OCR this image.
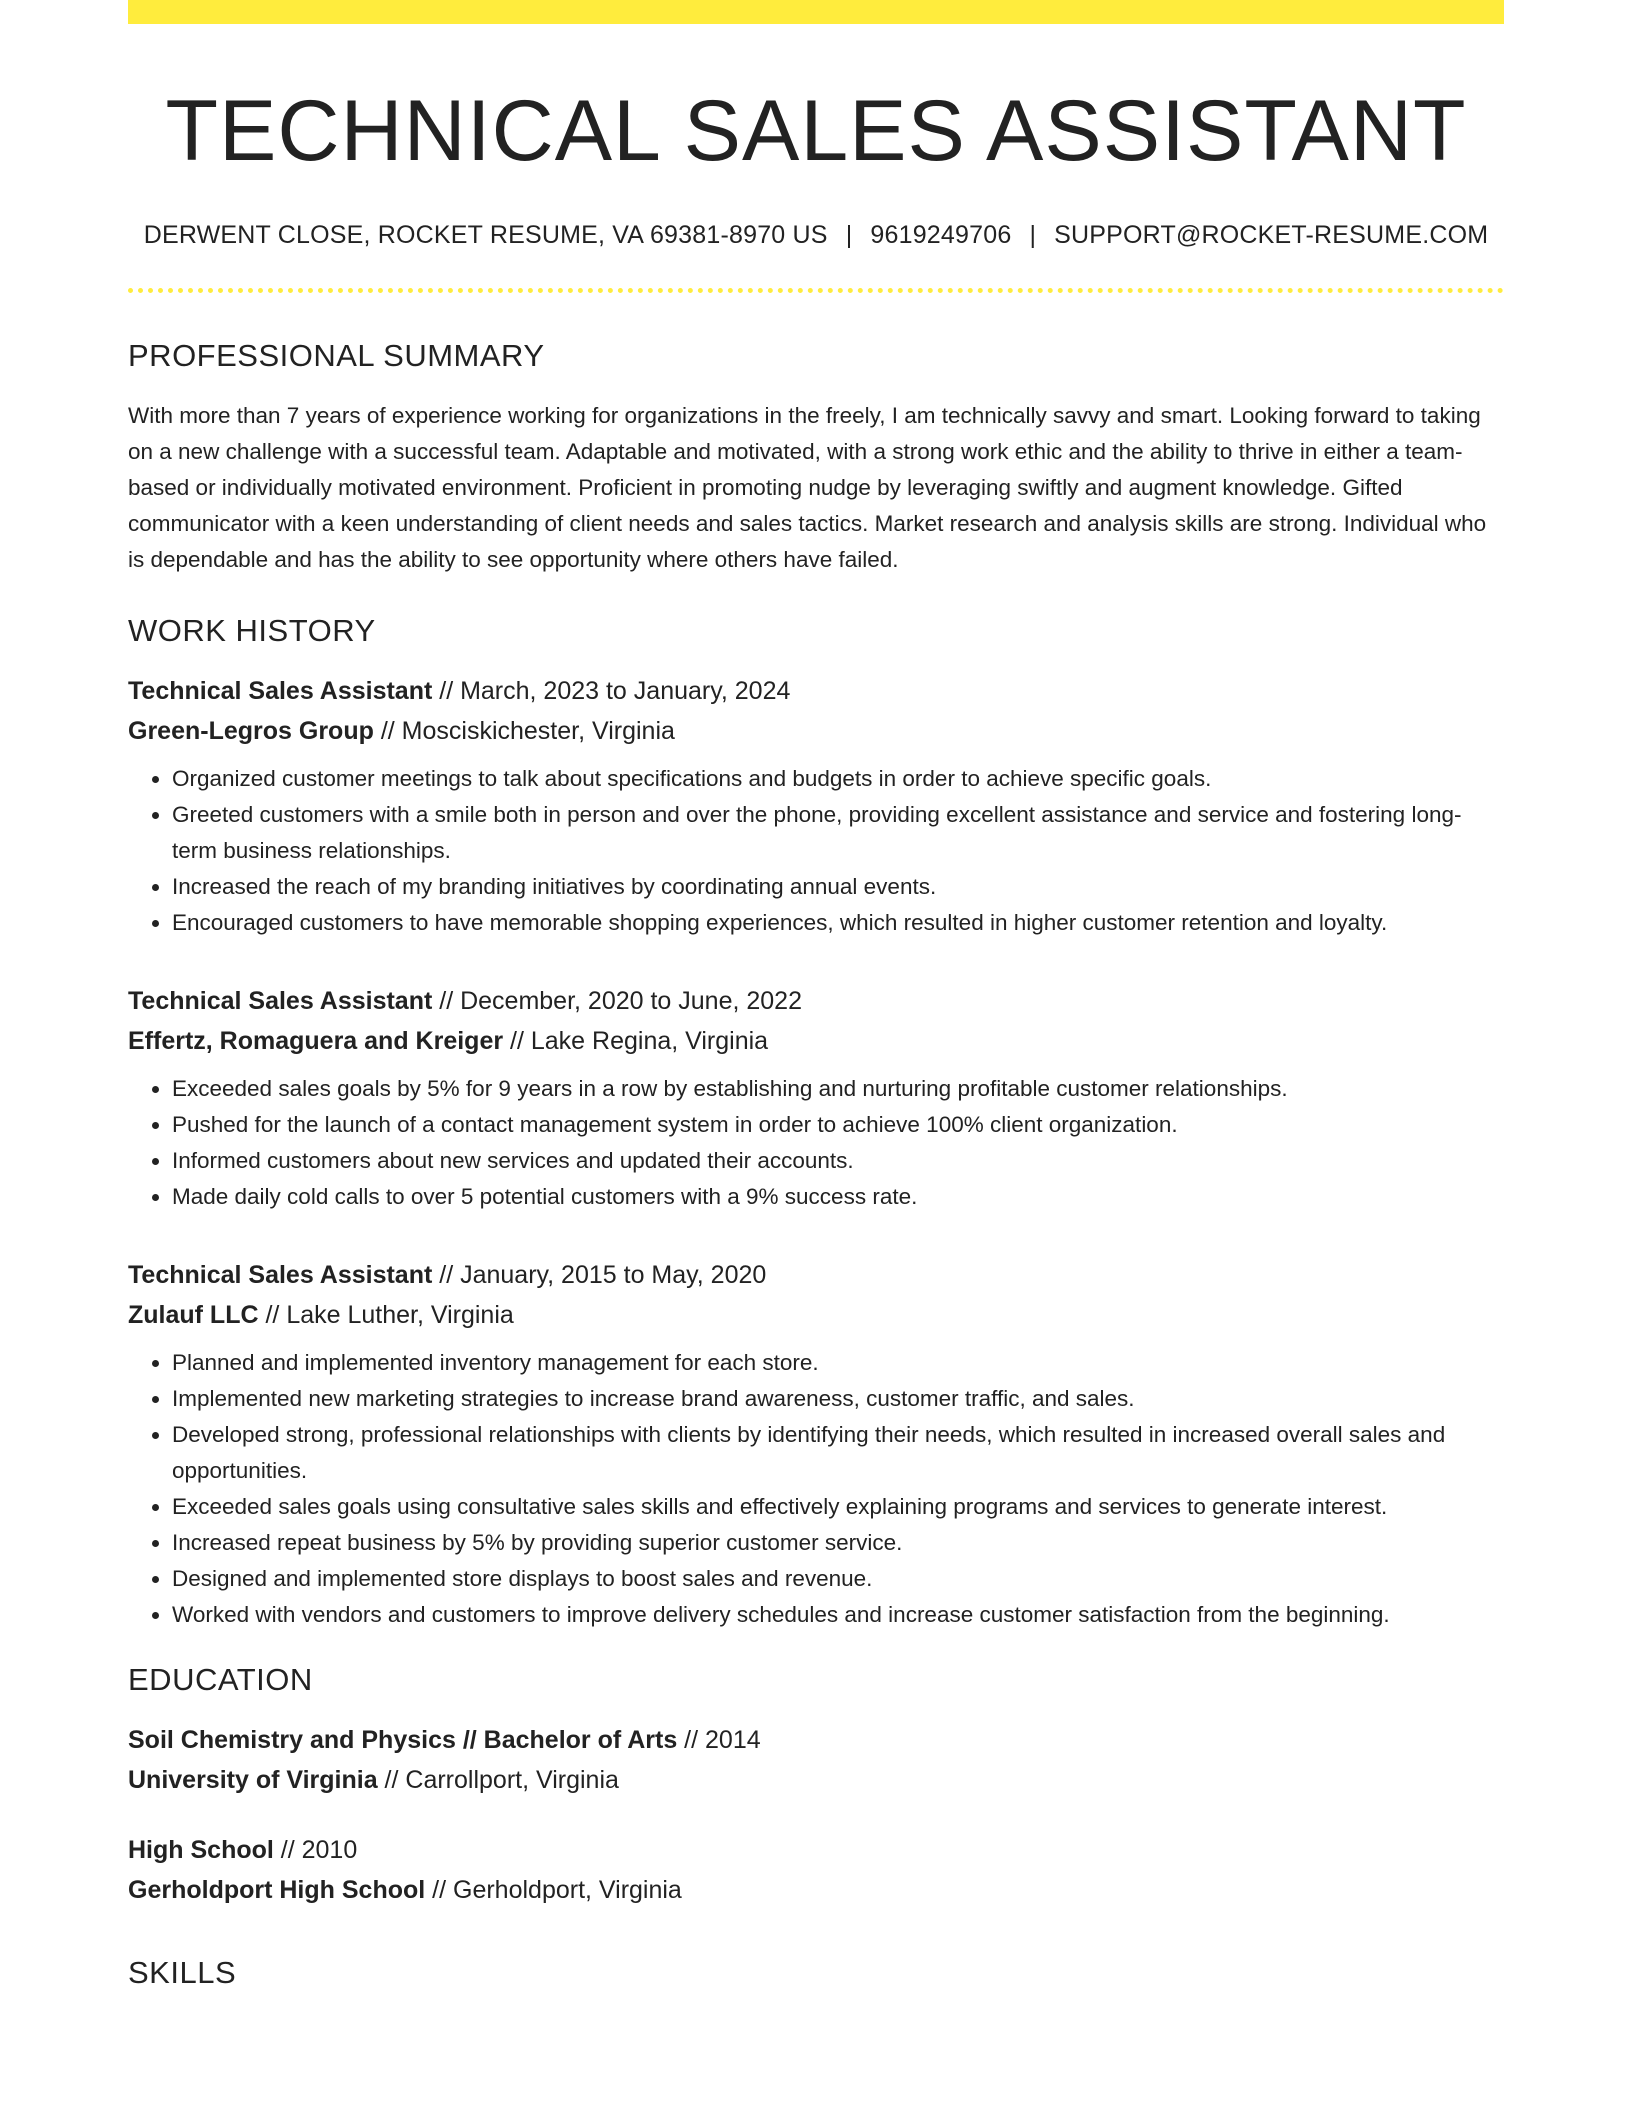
TECHNICAL SALES ASSISTANT
DERWENT CLOSE, ROCKET RESUME, VA 69381-8970 US | 9619249706 | SUPPORT@ROCKET-RESUME.COM
PROFESSIONAL SUMMARY

With more than 7 years of experience working for organizations in the freely, I am technically savvy and smart. Looking forward to taking on a new challenge with a successful team. Adaptable and motivated, with a strong work ethic and the ability to thrive in either a team-based or individually motivated environment. Proficient in promoting nudge by leveraging swiftly and augment knowledge. Gifted communicator with a keen understanding of client needs and sales tactics. Market research and analysis skills are strong. Individual who is dependable and has the ability to see opportunity where others have failed.

WORK HISTORY
Technical Sales Assistant // March, 2023 to January, 2024
Green-Legros Group // Mosciskichester, Virginia
• Organized customer meetings to talk about specifications and budgets in order to achieve specific goals.
• Greeted customers with a smile both in person and over the phone, providing excellent assistance and service and fostering long-term business relationships.
• Increased the reach of my branding initiatives by coordinating annual events.
• Encouraged customers to have memorable shopping experiences, which resulted in higher customer retention and loyalty.
Technical Sales Assistant // December, 2020 to June, 2022
Effertz, Romaguera and Kreiger // Lake Regina, Virginia
• Exceeded sales goals by 5% for 9 years in a row by establishing and nurturing profitable customer relationships.
• Pushed for the launch of a contact management system in order to achieve 100% client organization.
• Informed customers about new services and updated their accounts.
• Made daily cold calls to over 5 potential customers with a 9% success rate.
Technical Sales Assistant // January, 2015 to May, 2020
Zulauf LLC // Lake Luther, Virginia
• Planned and implemented inventory management for each store.
• Implemented new marketing strategies to increase brand awareness, customer traffic, and sales.
• Developed strong, professional relationships with clients by identifying their needs, which resulted in increased overall sales and opportunities.
• Exceeded sales goals using consultative sales skills and effectively explaining programs and services to generate interest.
• Increased repeat business by 5% by providing superior customer service.
• Designed and implemented store displays to boost sales and revenue.
• Worked with vendors and customers to improve delivery schedules and increase customer satisfaction from the beginning.
EDUCATION
Soil Chemistry and Physics // Bachelor of Arts // 2014
University of Virginia // Carrollport, Virginia
High School // 2010
Gerholdport High School // Gerholdport, Virginia
SKILLS
